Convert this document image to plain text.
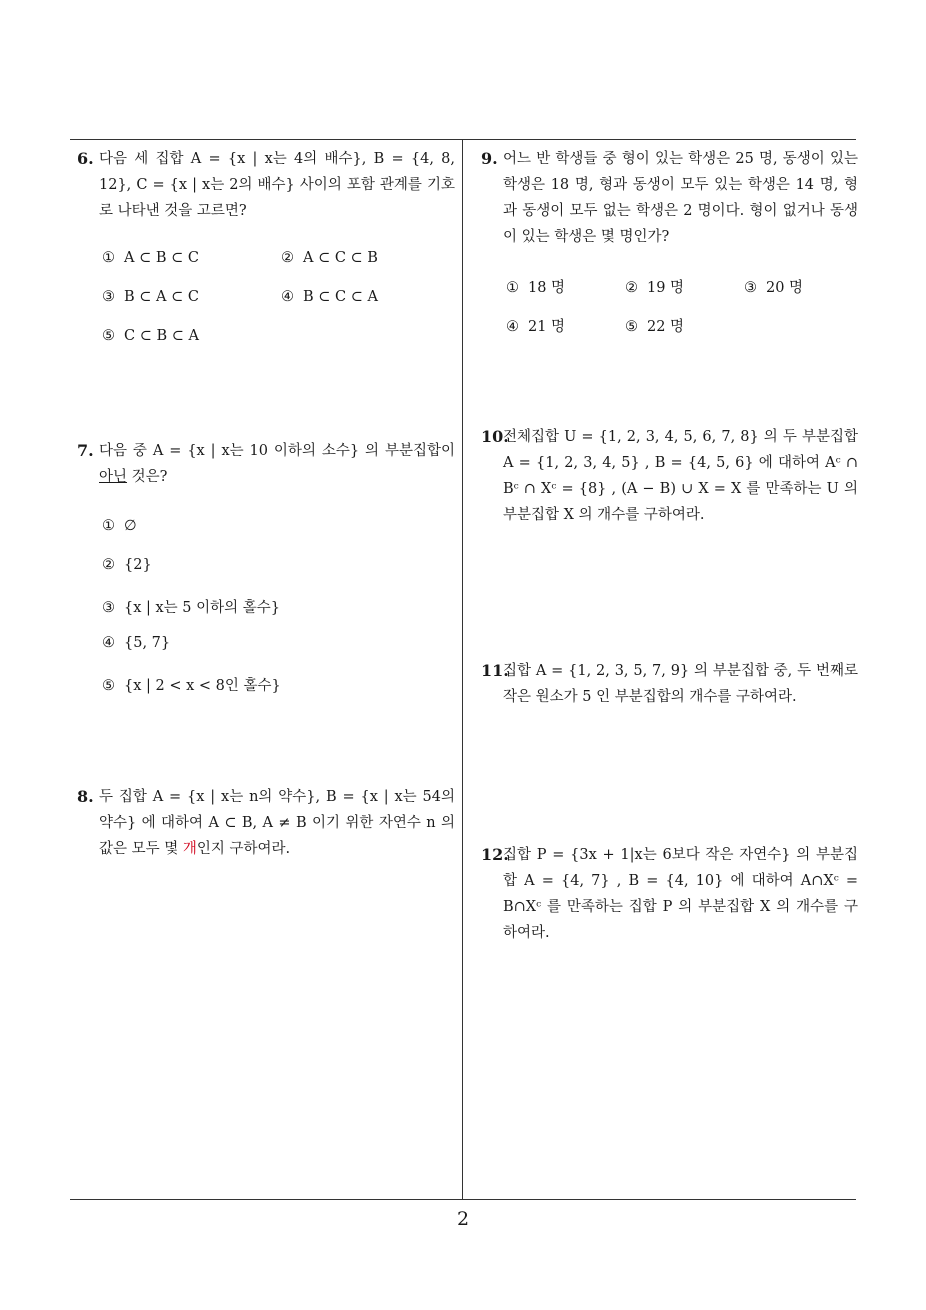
6. 다음 세 집합 A = {x | x는 4의 배수}, B = {4, 8, 12}, C = {x | x는 2의 배수} 사이의 포함 관계를 기호로 나타낸 것을 고르면?
① A ⊂ B ⊂ C	② A ⊂ C ⊂ B
③ B ⊂ A ⊂ C	④ B ⊂ C ⊂ A
⑤ C ⊂ B ⊂ A
7. 다음 중 A = {x | x는 10 이하의 소수} 의 부분집합이 아닌 것은?
① ∅
② {2}
③ {x | x는 5 이하의 홀수}
④ {5, 7}
⑤ {x | 2 < x < 8인 홀수}
8. 두 집합 A = {x | x는 n의 약수}, B = {x | x는 54의 약수} 에 대하여 A ⊂ B, A ≠ B 이기 위한 자연수 n 의 값은 모두 몇 개인지 구하여라.
9. 어느 반 학생들 중 형이 있는 학생은 25 명, 동생이 있는 학생은 18 명, 형과 동생이 모두 있는 학생은 14 명, 형과 동생이 모두 없는 학생은 2 명이다. 형이 없거나 동생이 있는 학생은 몇 명인가?
① 18 명	② 19 명	③ 20 명
④ 21 명	⑤ 22 명
10.
전체집합 U = {1, 2, 3, 4, 5, 6, 7, 8} 의 두 부분집합 A = {1, 2, 3, 4, 5} , B = {4, 5, 6} 에 대하여 Aᶜ ∩ Bᶜ ∩ Xᶜ = {8} , (A − B) ∪ X = X 를 만족하는 U 의 부분집합 X 의 개수를 구하여라.
11.
집합 A = {1, 2, 3, 5, 7, 9} 의 부분집합 중, 두 번째로 작은 원소가 5 인 부분집합의 개수를 구하여라.
12.
집합 P = {3x + 1|x는 6보다 작은 자연수} 의 부분집합 A = {4, 7} , B = {4, 10} 에 대하여 A∩Xᶜ = B∩Xᶜ 를 만족하는 집합 P 의 부분집합 X 의 개수를 구하여라.
2
